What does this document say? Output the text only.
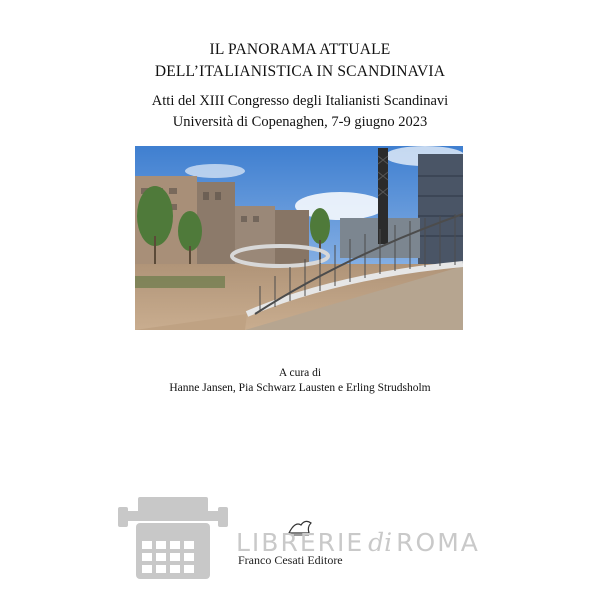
IL PANORAMA ATTUALE
DELL’ITALIANISTICA IN SCANDINAVIA
Atti del XIII Congresso degli Italianisti Scandinavi
Università di Copenaghen, 7-9 giugno 2023
A cura di
Hanne Jansen, Pia Schwarz Lausten e Erling Strudsholm
LIBRERIE di ROMA
Franco Cesati Editore
